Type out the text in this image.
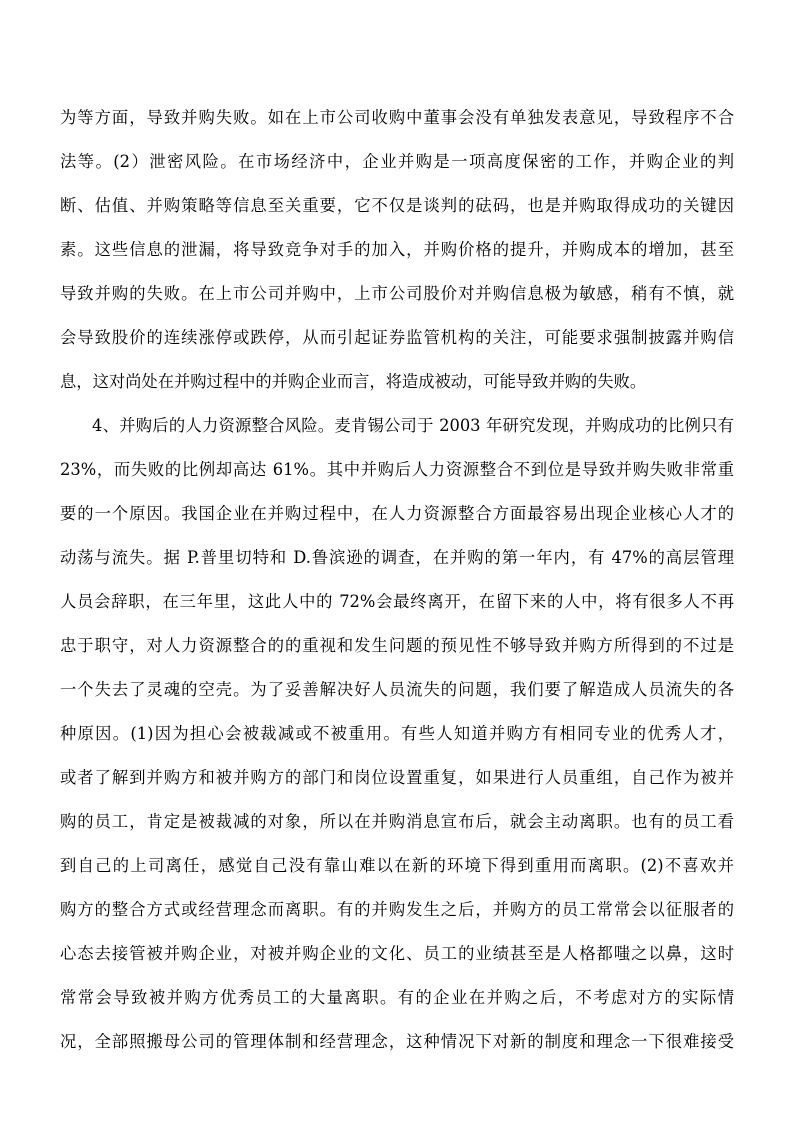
为等方面，导致并购失败。如在上市公司收购中董事会没有单独发表意见，导致程序不合
法等。(2）泄密风险。在市场经济中，企业并购是一项高度保密的工作，并购企业的判
断、估值、并购策略等信息至关重要，它不仅是谈判的砝码，也是并购取得成功的关键因
素。这些信息的泄漏，将导致竞争对手的加入，并购价格的提升，并购成本的增加，甚至
导致并购的失败。在上市公司并购中，上市公司股价对并购信息极为敏感，稍有不慎，就
会导致股价的连续涨停或跌停，从而引起证券监管机构的关注，可能要求强制披露并购信
息，这对尚处在并购过程中的并购企业而言，将造成被动，可能导致并购的失败。
4、并购后的人力资源整合风险。麦肯锡公司于 2003 年研究发现，并购成功的比例只有
23%，而失败的比例却高达 61%。其中并购后人力资源整合不到位是导致并购失败非常重
要的一个原因。我国企业在并购过程中，在人力资源整合方面最容易出现企业核心人才的
动荡与流失。据 P.普里切特和 D.鲁滨逊的调查，在并购的第一年内，有 47%的高层管理
人员会辞职，在三年里，这此人中的 72%会最终离开，在留下来的人中，将有很多人不再
忠于职守，对人力资源整合的的重视和发生问题的预见性不够导致并购方所得到的不过是
一个失去了灵魂的空壳。为了妥善解决好人员流失的问题，我们要了解造成人员流失的各
种原因。(1)因为担心会被裁减或不被重用。有些人知道并购方有相同专业的优秀人才，
或者了解到并购方和被并购方的部门和岗位设置重复，如果进行人员重组，自己作为被并
购的员工，肯定是被裁减的对象，所以在并购消息宣布后，就会主动离职。也有的员工看
到自己的上司离任，感觉自己没有靠山难以在新的环境下得到重用而离职。(2)不喜欢并
购方的整合方式或经营理念而离职。有的并购发生之后，并购方的员工常常会以征服者的
心态去接管被并购企业，对被并购企业的文化、员工的业绩甚至是人格都嗤之以鼻，这时
常常会导致被并购方优秀员工的大量离职。有的企业在并购之后，不考虑对方的实际情
况，全部照搬母公司的管理体制和经营理念，这种情况下对新的制度和理念一下很难接受
